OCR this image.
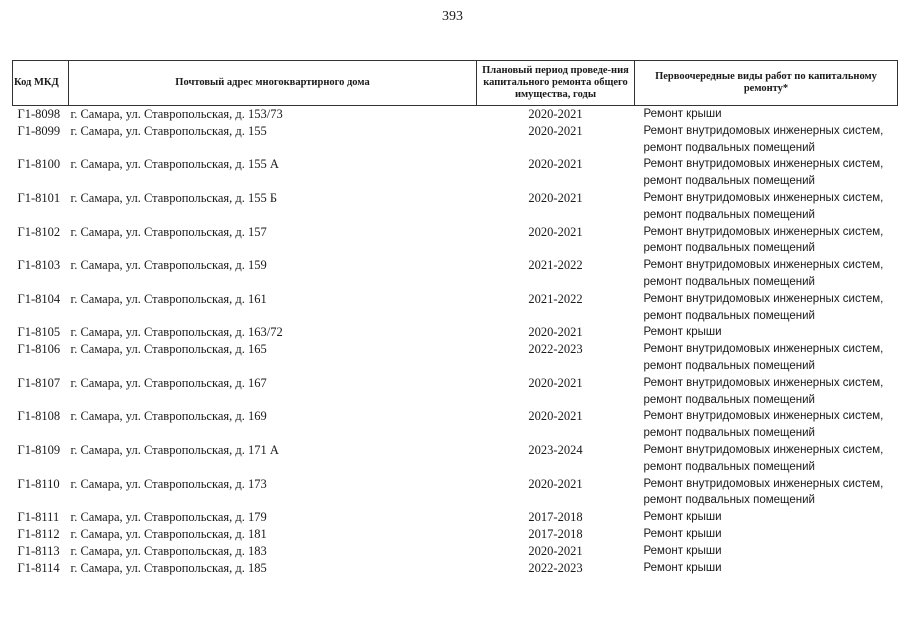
393
Код МКД	Почтовый адрес многоквартирного дома	Плановый период проведе-ния капитального ремонта общего имущества, годы	Первоочередные виды работ по капитальному ремонту*
Г1-8098	г. Самара, ул. Ставропольская, д. 153/73	2020-2021	Ремонт крыши

Г1-8099	г. Самара, ул. Ставропольская, д. 155	2020-2021	Ремонт внутридомовых инженерных систем,
ремонт подвальных помещений

Г1-8100	г. Самара, ул. Ставропольская, д. 155 А	2020-2021	Ремонт внутридомовых инженерных систем,
ремонт подвальных помещений

Г1-8101	г. Самара, ул. Ставропольская, д. 155 Б	2020-2021	Ремонт внутридомовых инженерных систем,
ремонт подвальных помещений

Г1-8102	г. Самара, ул. Ставропольская, д. 157	2020-2021	Ремонт внутридомовых инженерных систем,
ремонт подвальных помещений

Г1-8103	г. Самара, ул. Ставропольская, д. 159	2021-2022	Ремонт внутридомовых инженерных систем,
ремонт подвальных помещений

Г1-8104	г. Самара, ул. Ставропольская, д. 161	2021-2022	Ремонт внутридомовых инженерных систем,
ремонт подвальных помещений

Г1-8105	г. Самара, ул. Ставропольская, д. 163/72	2020-2021	Ремонт крыши

Г1-8106	г. Самара, ул. Ставропольская, д. 165	2022-2023	Ремонт внутридомовых инженерных систем,
ремонт подвальных помещений

Г1-8107	г. Самара, ул. Ставропольская, д. 167	2020-2021	Ремонт внутридомовых инженерных систем,
ремонт подвальных помещений

Г1-8108	г. Самара, ул. Ставропольская, д. 169	2020-2021	Ремонт внутридомовых инженерных систем,
ремонт подвальных помещений

Г1-8109	г. Самара, ул. Ставропольская, д. 171 А	2023-2024	Ремонт внутридомовых инженерных систем,
ремонт подвальных помещений

Г1-8110	г. Самара, ул. Ставропольская, д. 173	2020-2021	Ремонт внутридомовых инженерных систем,
ремонт подвальных помещений

Г1-8111	г. Самара, ул. Ставропольская, д. 179	2017-2018	Ремонт крыши

Г1-8112	г. Самара, ул. Ставропольская, д. 181	2017-2018	Ремонт крыши

Г1-8113	г. Самара, ул. Ставропольская, д. 183	2020-2021	Ремонт крыши

Г1-8114	г. Самара, ул. Ставропольская, д. 185	2022-2023	Ремонт крыши
